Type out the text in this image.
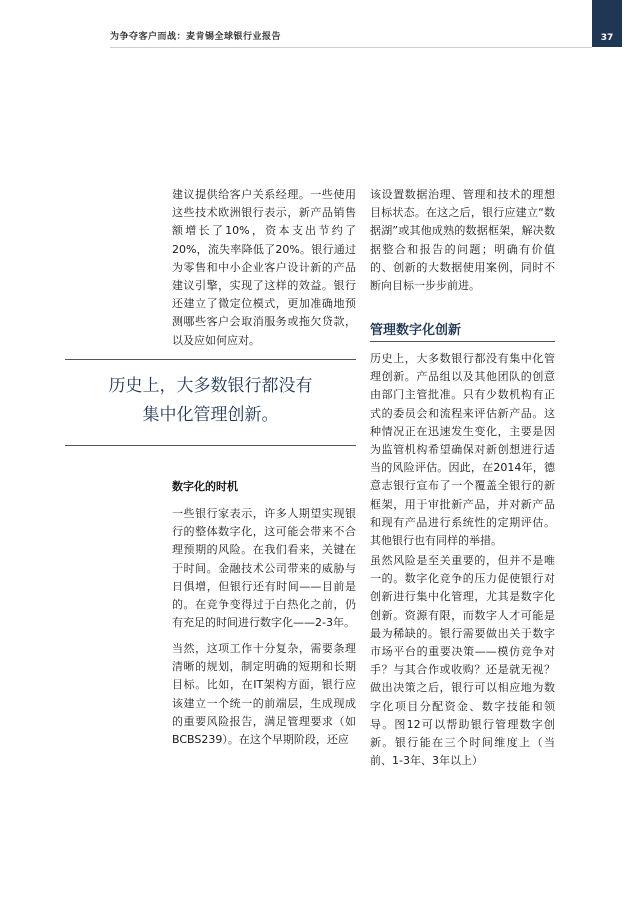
为争夺客户而战：麦肯锡全球银行业报告	37

建议提供给客户关系经理。一些使用这些技术欧洲银行表示，新产品销售额增长了10%，资本支出节约了20%，流失率降低了20%。银行通过为零售和中小企业客户设计新的产品建议引擎，实现了这样的效益。银行还建立了微定位模式，更加准确地预测哪些客户会取消服务或拖欠贷款，以及应如何应对。

历史上，大多数银行都没有
集中化管理创新。
数字化的时机

一些银行家表示，许多人期望实现银行的整体数字化，这可能会带来不合理预期的风险。在我们看来，关键在于时间。金融技术公司带来的威胁与日俱增，但银行还有时间——目前是的。在竞争变得过于白热化之前，仍有充足的时间进行数字化——2-3年。

当然，这项工作十分复杂，需要条理清晰的规划，制定明确的短期和长期目标。比如，在IT架构方面，银行应该建立一个统一的前端层，生成现成的重要风险报告，满足管理要求（如BCBS239）。在这个早期阶段，还应

该设置数据治理、管理和技术的理想目标状态。在这之后，银行应建立“数据湖”或其他成熟的数据框架，解决数据整合和报告的问题；明确有价值的、创新的大数据使用案例，同时不断向目标一步步前进。

管理数字化创新

历史上，大多数银行都没有集中化管理创新。产品组以及其他团队的创意由部门主管批准。只有少数机构有正式的委员会和流程来评估新产品。这种情况正在迅速发生变化，主要是因为监管机构希望确保对新创想进行适当的风险评估。因此，在2014年，德意志银行宣布了一个覆盖全银行的新框架，用于审批新产品，并对新产品和现有产品进行系统性的定期评估。其他银行也有同样的举措。

虽然风险是至关重要的，但并不是唯一的。数字化竞争的压力促使银行对创新进行集中化管理，尤其是数字化创新。资源有限，而数字人才可能是最为稀缺的。银行需要做出关于数字市场平台的重要决策——模仿竞争对手？与其合作或收购？还是就无视？做出决策之后，银行可以相应地为数字化项目分配资金、数字技能和领导。图12可以帮助银行管理数字创新。银行能在三个时间维度上（当前、1-3年、3年以上）
